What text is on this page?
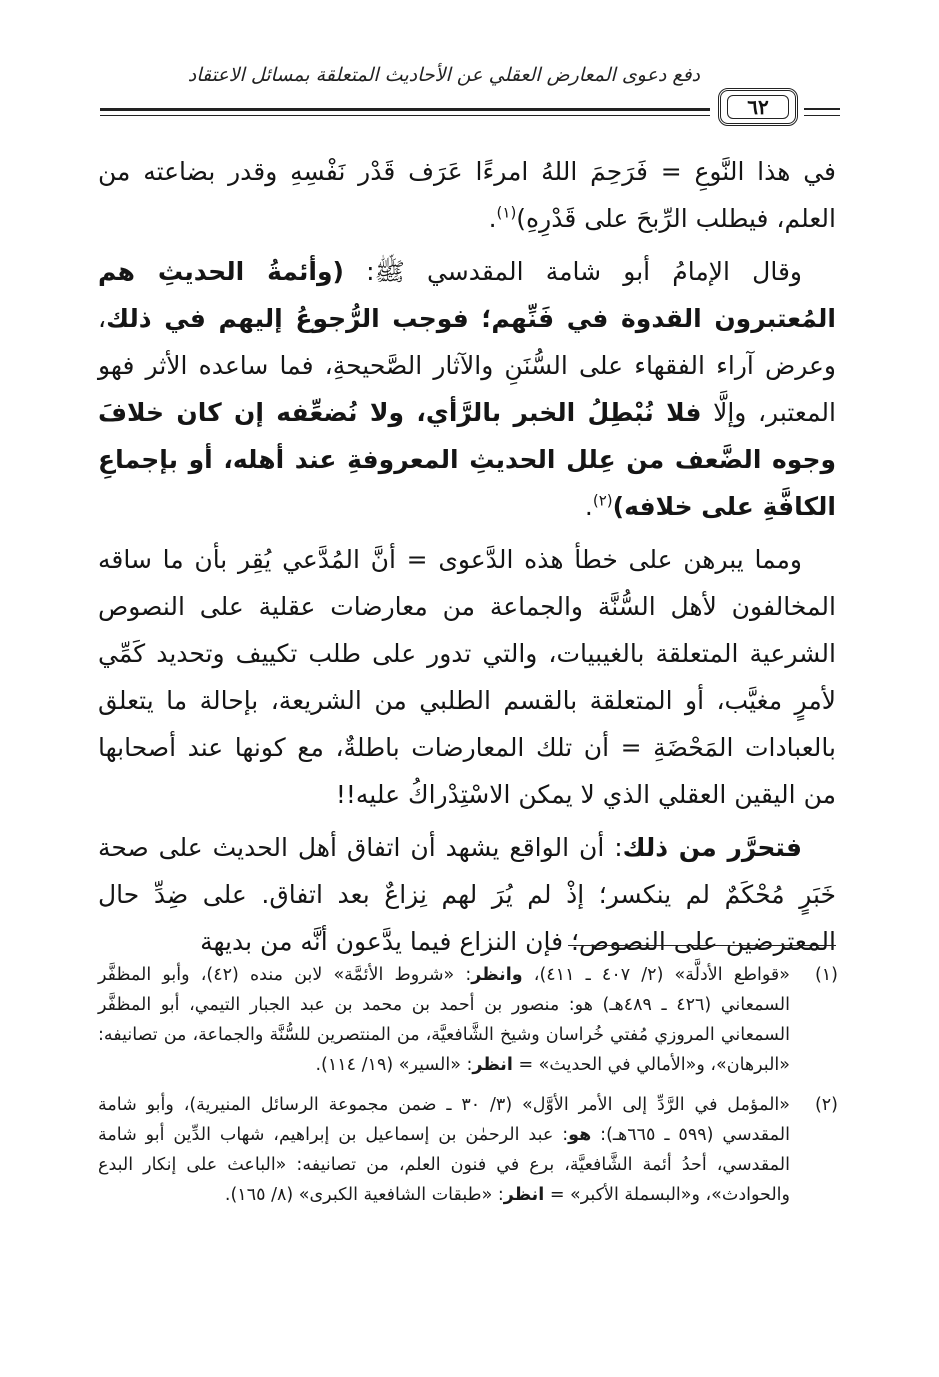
دفع دعوى المعارض العقلي عن الأحاديث المتعلقة بمسائل الاعتقاد
٦٢

في هذا النَّوعِ = فَرَحِمَ اللهُ امرءًا عَرَف قَدْر نَفْسِهِ وقدر بضاعته من العلم، فيطلب الرِّبحَ على قَدْرِهِ)$^{(١)}$.

وقال الإمامُ أبو شامة المقدسي ﷺ: (وأئمةُ الحديثِ هم المُعتبرون القدوة في فَنِّهم؛ فوجب الرُّجوعُ إليهم في ذلك، وعرض آراء الفقهاء على السُّنَنِ والآثار الصَّحيحةِ، فما ساعده الأثر فهو المعتبر، وإلَّا فلا نُبْطِلُ الخبر بالرَّأي، ولا نُضعِّفه إن كان خلافَ وجوه الضَّعف من عِلل الحديثِ المعروفةِ عند أهله، أو بإجماعِ الكافَّةِ على خلافه)$^{(٢)}$.

ومما يبرهن على خطأ هذه الدَّعوى = أنَّ المُدَّعي يُقِر بأن ما ساقه المخالفون لأهل السُّنَّة والجماعة من معارضات عقلية على النصوص الشرعية المتعلقة بالغيبيات، والتي تدور على طلب تكييف وتحديد كَمِّي لأمرٍ مغيَّب، أو المتعلقة بالقسم الطلبي من الشريعة، بإحالة ما يتعلق بالعبادات المَحْضَةِ = أن تلك المعارضات باطلةٌ، مع كونها عند أصحابها من اليقين العقلي الذي لا يمكن الاسْتِدْراكُ عليه!!

فتحرَّر من ذلك: أن الواقع يشهد أن اتفاق أهل الحديث على صحة خَبَرٍ مُحْكَمٌ لم ينكسر؛ إذْ لم يُرَ لهم نِزاعٌ بعد اتفاق. على ضِدِّ حال المعترضين على النصوص؛ فإن النزاع فيما يدَّعون أنَّه من بديهة

(١)
«قواطع الأدلَّة» (٢/ ٤٠٧ ـ ٤١١)، وانظر: «شروط الأئمَّة» لابن منده (٤٢)، وأبو المظفَّر السمعاني (٤٢٦ ـ ٤٨٩هـ) هو: منصور بن أحمد بن محمد بن عبد الجبار التيمي، أبو المظفَّر السمعاني المروزي مُفتي خُراسان وشيخ الشَّافعيَّة، من المنتصرين للسُّنَّة والجماعة، من تصانيفه: «البرهان»، و«الأمالي في الحديث» = انظر: «السير» (١٩/ ١١٤).
(٢)
«المؤمل في الرَّدِّ إلى الأمر الأوَّل» (٣/ ٣٠ ـ ضمن مجموعة الرسائل المنيرية)، وأبو شامة المقدسي (٥٩٩ ـ ٦٦٥هـ): هو: عبد الرحمٰن بن إسماعيل بن إبراهيم، شهاب الدِّين أبو شامة المقدسي، أحدُ أئمة الشَّافعيَّة، برع في فنون العلم، من تصانيفه: «الباعث على إنكار البدع والحوادث»، و«البسملة الأكبر» = انظر: «طبقات الشافعية الكبرى» (٨/ ١٦٥).
